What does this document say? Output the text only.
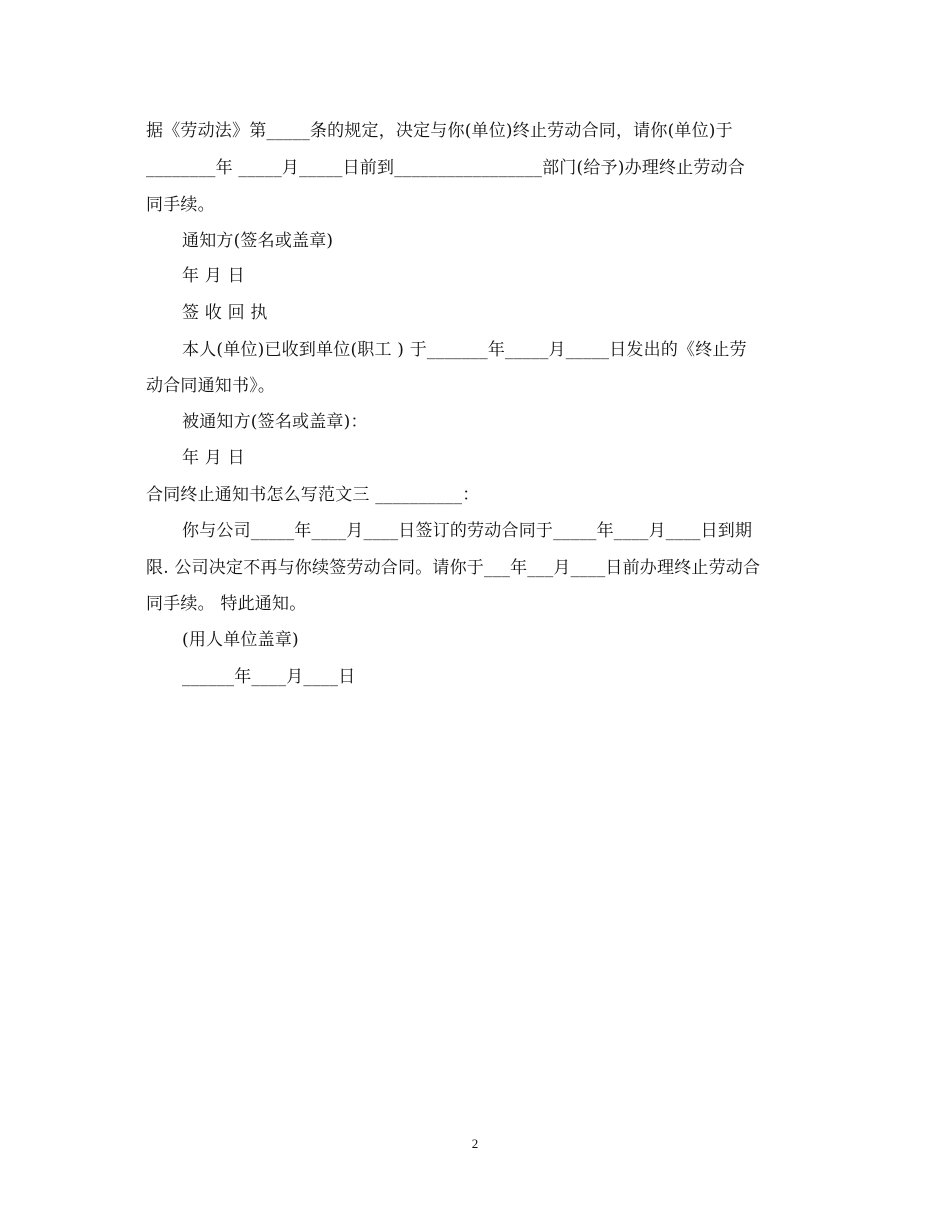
据《劳动法》第_____条的规定，决定与你(单位)终止劳动合同，请你(单位)于
________年 _____月_____日前到_________________部门(给予)办理终止劳动合
同手续。
通知方(签名或盖章)
年 月 日
签 收 回 执
本人(单位)已收到单位(职工 ) 于_______年_____月_____日发出的《终止劳
动合同通知书》。
被通知方(签名或盖章)：
年 月 日
合同终止通知书怎么写范文三 __________：
你与公司_____年____月____日签订的劳动合同于_____年____月____日到期
限. 公司决定不再与你续签劳动合同。请你于___年___月____日前办理终止劳动合
同手续。 特此通知。
(用人单位盖章)
______年____月____日
2
